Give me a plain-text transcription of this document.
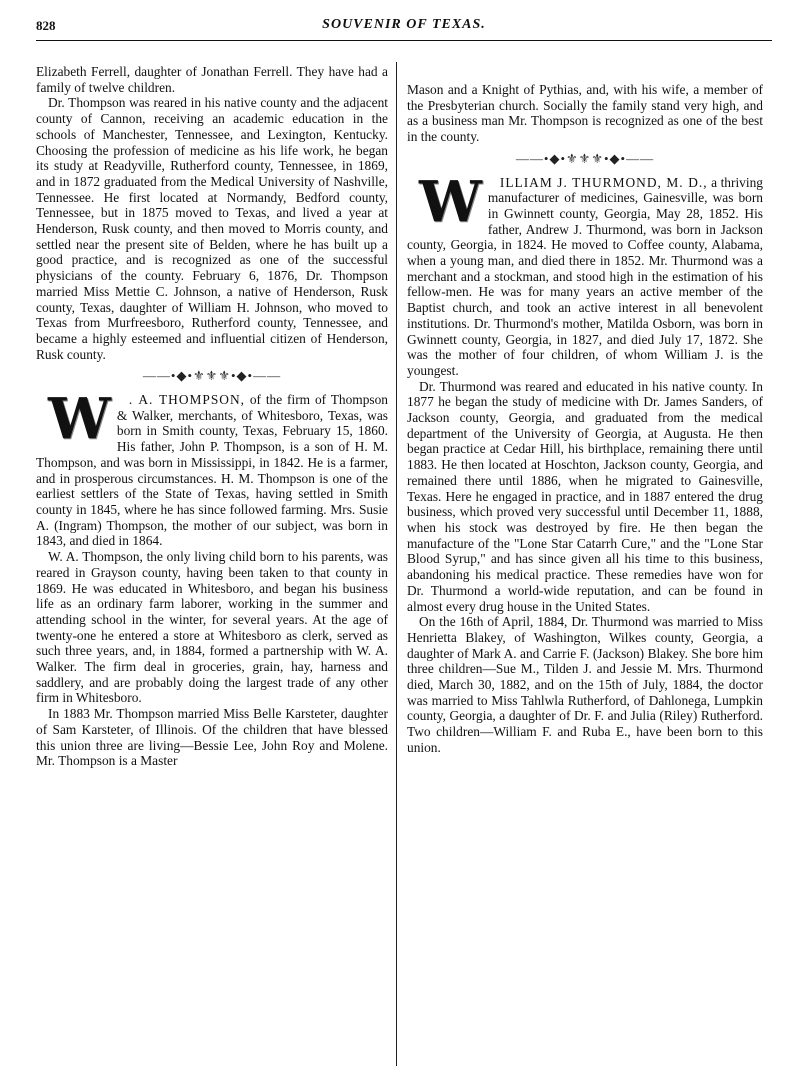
828	SOUVENIR OF TEXAS.

Elizabeth Ferrell, daughter of Jonathan Ferrell. They have had a family of twelve children.

Dr. Thompson was reared in his native county and the adjacent county of Cannon, receiving an academic education in the schools of Manchester, Tennessee, and Lexington, Kentucky. Choosing the profession of medicine as his life work, he began its study at Readyville, Rutherford county, Tennessee, in 1869, and in 1872 graduated from the Medical University of Nashville, Tennessee. He first located at Normandy, Bedford county, Tennessee, but in 1875 moved to Texas, and lived a year at Henderson, Rusk county, and then moved to Morris county, and settled near the present site of Belden, where he has built up a good practice, and is recognized as one of the successful physicians of the county. February 6, 1876, Dr. Thompson married Miss Mettie C. Johnson, a native of Henderson, Rusk county, Texas, daughter of William H. Johnson, who moved to Texas from Murfreesboro, Rutherford county, Tennessee, and became a highly esteemed and influential citizen of Henderson, Rusk county.

——•◆•⚜⚜⚜•◆•——

W . A. THOMPSON, of the firm of Thompson & Walker, merchants, of Whitesboro, Texas, was born in Smith county, Texas, February 15, 1860. His father, John P. Thompson, is a son of H. M. Thompson, and was born in Mississippi, in 1842. He is a farmer, and in prosperous circumstances. H. M. Thompson is one of the earliest settlers of the State of Texas, having settled in Smith county in 1845, where he has since followed farming. Mrs. Susie A. (Ingram) Thompson, the mother of our subject, was born in 1843, and died in 1864.

W. A. Thompson, the only living child born to his parents, was reared in Grayson county, having been taken to that county in 1869. He was educated in Whitesboro, and began his business life as an ordinary farm laborer, working in the summer and attending school in the winter, for several years. At the age of twenty-one he entered a store at Whitesboro as clerk, served as such three years, and, in 1884, formed a partnership with W. A. Walker. The firm deal in groceries, grain, hay, harness and saddlery, and are probably doing the largest trade of any other firm in Whitesboro.

In 1883 Mr. Thompson married Miss Belle Karsteter, daughter of Sam Karsteter, of Illinois. Of the children that have blessed this union three are living—Bessie Lee, John Roy and Molene. Mr. Thompson is a Master

Mason and a Knight of Pythias, and, with his wife, a member of the Presbyterian church. Socially the family stand very high, and as a business man Mr. Thompson is recognized as one of the best in the county.

——•◆•⚜⚜⚜•◆•——

W ILLIAM J. THURMOND, M. D., a thriving manufacturer of medicines, Gainesville, was born in Gwinnett county, Georgia, May 28, 1852. His father, Andrew J. Thurmond, was born in Jackson county, Georgia, in 1824. He moved to Coffee county, Alabama, when a young man, and died there in 1852. Mr. Thurmond was a merchant and a stockman, and stood high in the estimation of his fellow-men. He was for many years an active member of the Baptist church, and took an active interest in all benevolent institutions. Dr. Thurmond's mother, Matilda Osborn, was born in Gwinnett county, Georgia, in 1827, and died July 17, 1872. She was the mother of four children, of whom William J. is the youngest.

Dr. Thurmond was reared and educated in his native county. In 1877 he began the study of medicine with Dr. James Sanders, of Jackson county, Georgia, and graduated from the medical department of the University of Georgia, at Augusta. He then began practice at Cedar Hill, his birthplace, remaining there until 1883. He then located at Hoschton, Jackson county, Georgia, and remained there until 1886, when he migrated to Gainesville, Texas. Here he engaged in practice, and in 1887 entered the drug business, which proved very successful until December 11, 1888, when his stock was destroyed by fire. He then began the manufacture of the "Lone Star Catarrh Cure," and the "Lone Star Blood Syrup," and has since given all his time to this business, abandoning his medical practice. These remedies have won for Dr. Thurmond a world-wide reputation, and can be found in almost every drug house in the United States.

On the 16th of April, 1884, Dr. Thurmond was married to Miss Henrietta Blakey, of Washington, Wilkes county, Georgia, a daughter of Mark A. and Carrie F. (Jackson) Blakey. She bore him three children—Sue M., Tilden J. and Jessie M. Mrs. Thurmond died, March 30, 1882, and on the 15th of July, 1884, the doctor was married to Miss Tahlwla Rutherford, of Dahlonega, Lumpkin county, Georgia, a daughter of Dr. F. and Julia (Riley) Rutherford. Two children—William F. and Ruba E., have been born to this union.
